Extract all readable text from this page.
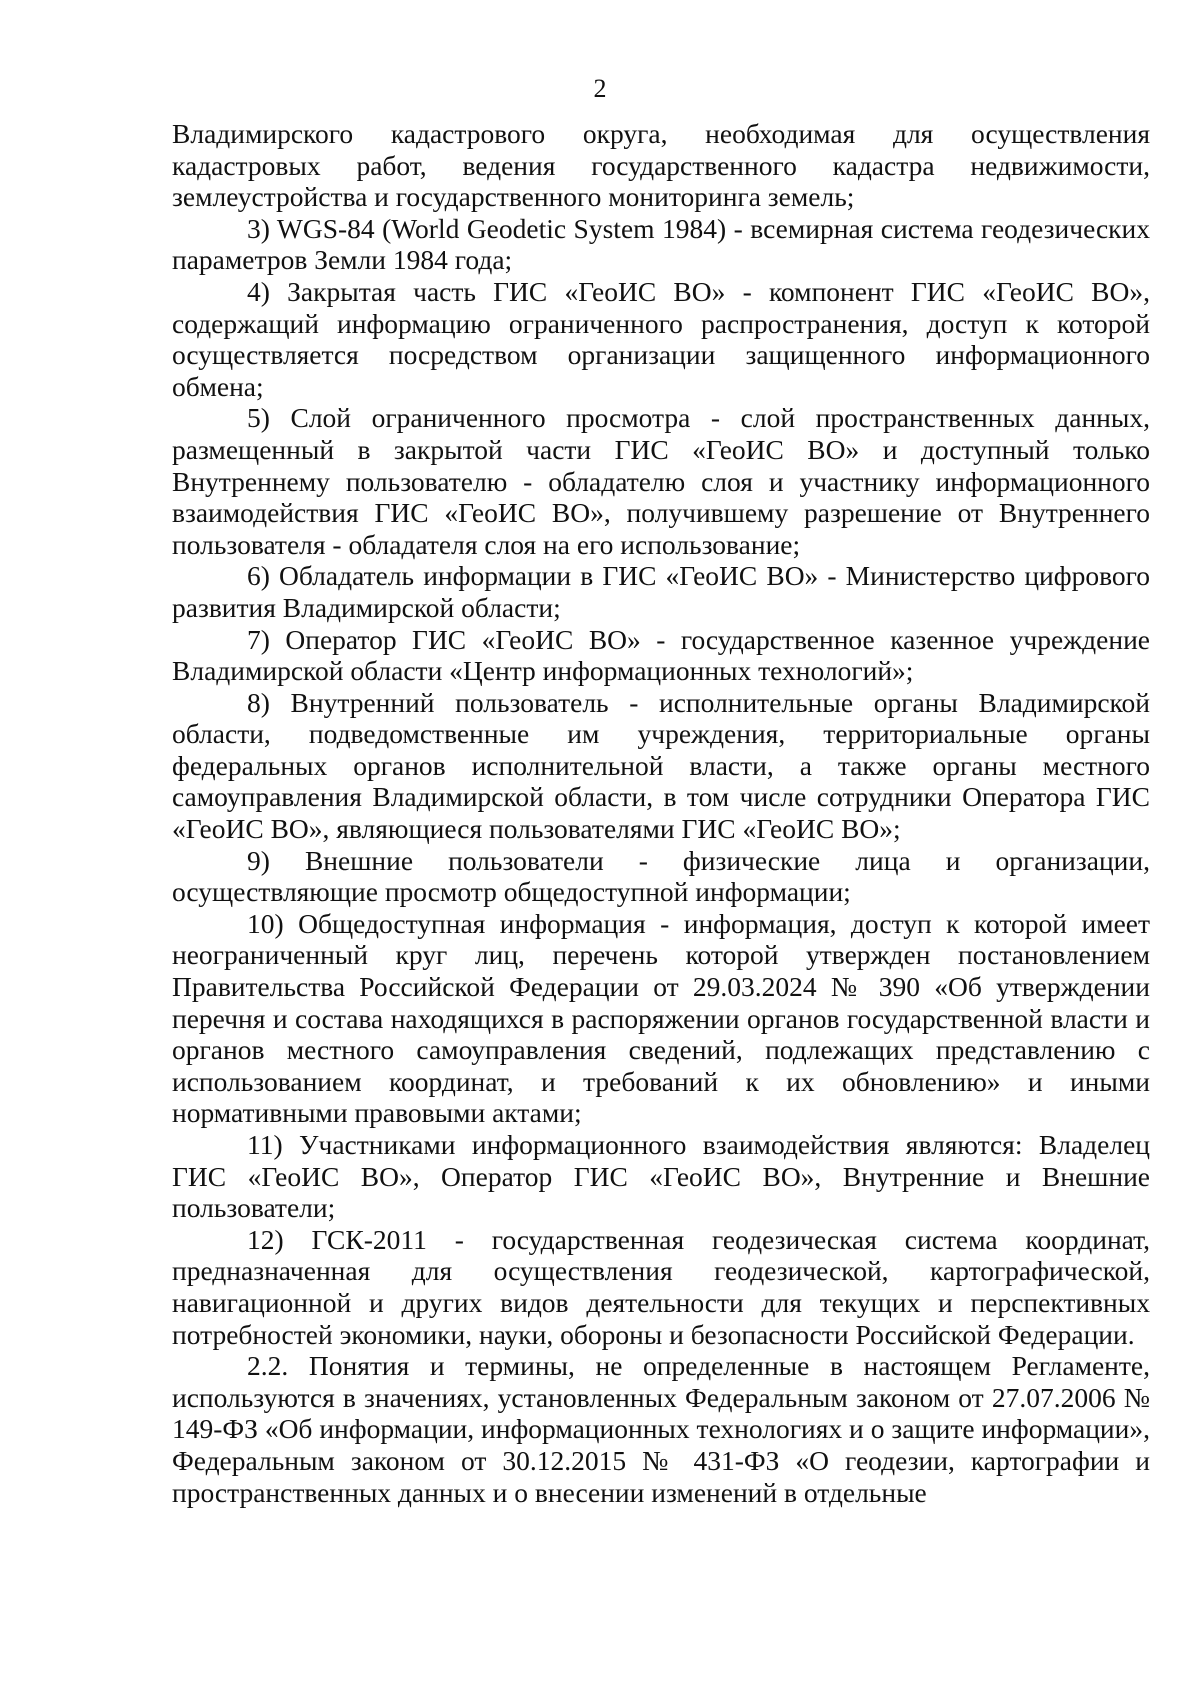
2

Владимирского кадастрового округа, необходимая для осуществления кадастровых работ, ведения государственного кадастра недвижимости, землеустройства и государственного мониторинга земель;

3) WGS-84 (World Geodetic System 1984) - всемирная система геодезических параметров Земли 1984 года;

4) Закрытая часть ГИС «ГеоИС ВО» - компонент ГИС «ГеоИС ВО», содержащий информацию ограниченного распространения, доступ к которой осуществляется посредством организации защищенного информационного обмена;

5) Слой ограниченного просмотра - слой пространственных данных, размещенный в закрытой части ГИС «ГеоИС ВО» и доступный только Внутреннему пользователю - обладателю слоя и участнику информационного взаимодействия ГИС «ГеоИС ВО», получившему разрешение от Внутреннего пользователя - обладателя слоя на его использование;

6) Обладатель информации в ГИС «ГеоИС ВО» - Министерство цифрового развития Владимирской области;

7) Оператор ГИС «ГеоИС ВО» - государственное казенное учреждение Владимирской области «Центр информационных технологий»;

8) Внутренний пользователь - исполнительные органы Владимирской области, подведомственные им учреждения, территориальные органы федеральных органов исполнительной власти, а также органы местного самоуправления Владимирской области, в том числе сотрудники Оператора ГИС «ГеоИС ВО», являющиеся пользователями ГИС «ГеоИС ВО»;

9) Внешние пользователи - физические лица и организации, осуществляющие просмотр общедоступной информации;

10) Общедоступная информация - информация, доступ к которой имеет неограниченный круг лиц, перечень которой утвержден постановлением Правительства Российской Федерации от 29.03.2024 № 390 «Об утверждении перечня и состава находящихся в распоряжении органов государственной власти и органов местного самоуправления сведений, подлежащих представлению с использованием координат, и требований к их обновлению» и иными нормативными правовыми актами;

11) Участниками информационного взаимодействия являются: Владелец ГИС «ГеоИС ВО», Оператор ГИС «ГеоИС ВО», Внутренние и Внешние пользователи;

12) ГСК-2011 - государственная геодезическая система координат, предназначенная для осуществления геодезической, картографической, навигационной и других видов деятельности для текущих и перспективных потребностей экономики, науки, обороны и безопасности Российской Федерации.

2.2. Понятия и термины, не определенные в настоящем Регламенте, используются в значениях, установленных Федеральным законом от 27.07.2006 № 149-ФЗ «Об информации, информационных технологиях и о защите информации», Федеральным законом от 30.12.2015 № 431-ФЗ «О геодезии, картографии и пространственных данных и о внесении изменений в отдельные
